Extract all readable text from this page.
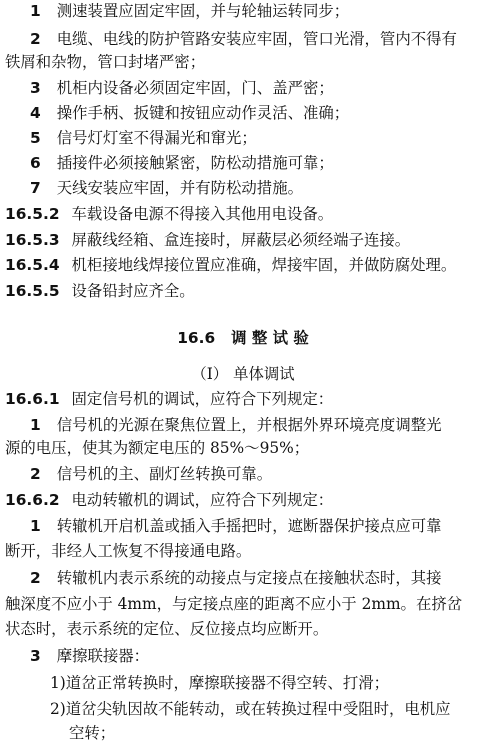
1 测速装置应固定牢固，并与轮轴运转同步；
2 电缆、电线的防护管路安装应牢固，管口光滑，管内不得有
铁屑和杂物，管口封堵严密；
3 机柜内设备必须固定牢固，门、盖严密；
4 操作手柄、扳键和按钮应动作灵活、准确；
5 信号灯灯室不得漏光和窜光；
6 插接件必须接触紧密，防松动措施可靠；
7 天线安装应牢固，并有防松动措施。
16.5.2 车载设备电源不得接入其他用电设备。
16.5.3 屏蔽线经箱、盒连接时，屏蔽层必须经端子连接。
16.5.4 机柜接地线焊接位置应准确，焊接牢固，并做防腐处理。
16.5.5 设备铅封应齐全。
16.6 调 整 试 验
（Ⅰ） 单体调试
16.6.1 固定信号机的调试，应符合下列规定：
1 信号机的光源在聚焦位置上，并根据外界环境亮度调整光
源的电压，使其为额定电压的 85%～95%；
2 信号机的主、副灯丝转换可靠。
16.6.2 电动转辙机的调试，应符合下列规定：
1 转辙机开启机盖或插入手摇把时，遮断器保护接点应可靠
断开，非经人工恢复不得接通电路。
2 转辙机内表示系统的动接点与定接点在接触状态时，其接
触深度不应小于 4mm，与定接点座的距离不应小于 2mm。在挤岔
状态时，表示系统的定位、反位接点均应断开。
3 摩擦联接器：
1)道岔正常转换时，摩擦联接器不得空转、打滑；
2)道岔尖轨因故不能转动，或在转换过程中受阻时，电机应
空转；
